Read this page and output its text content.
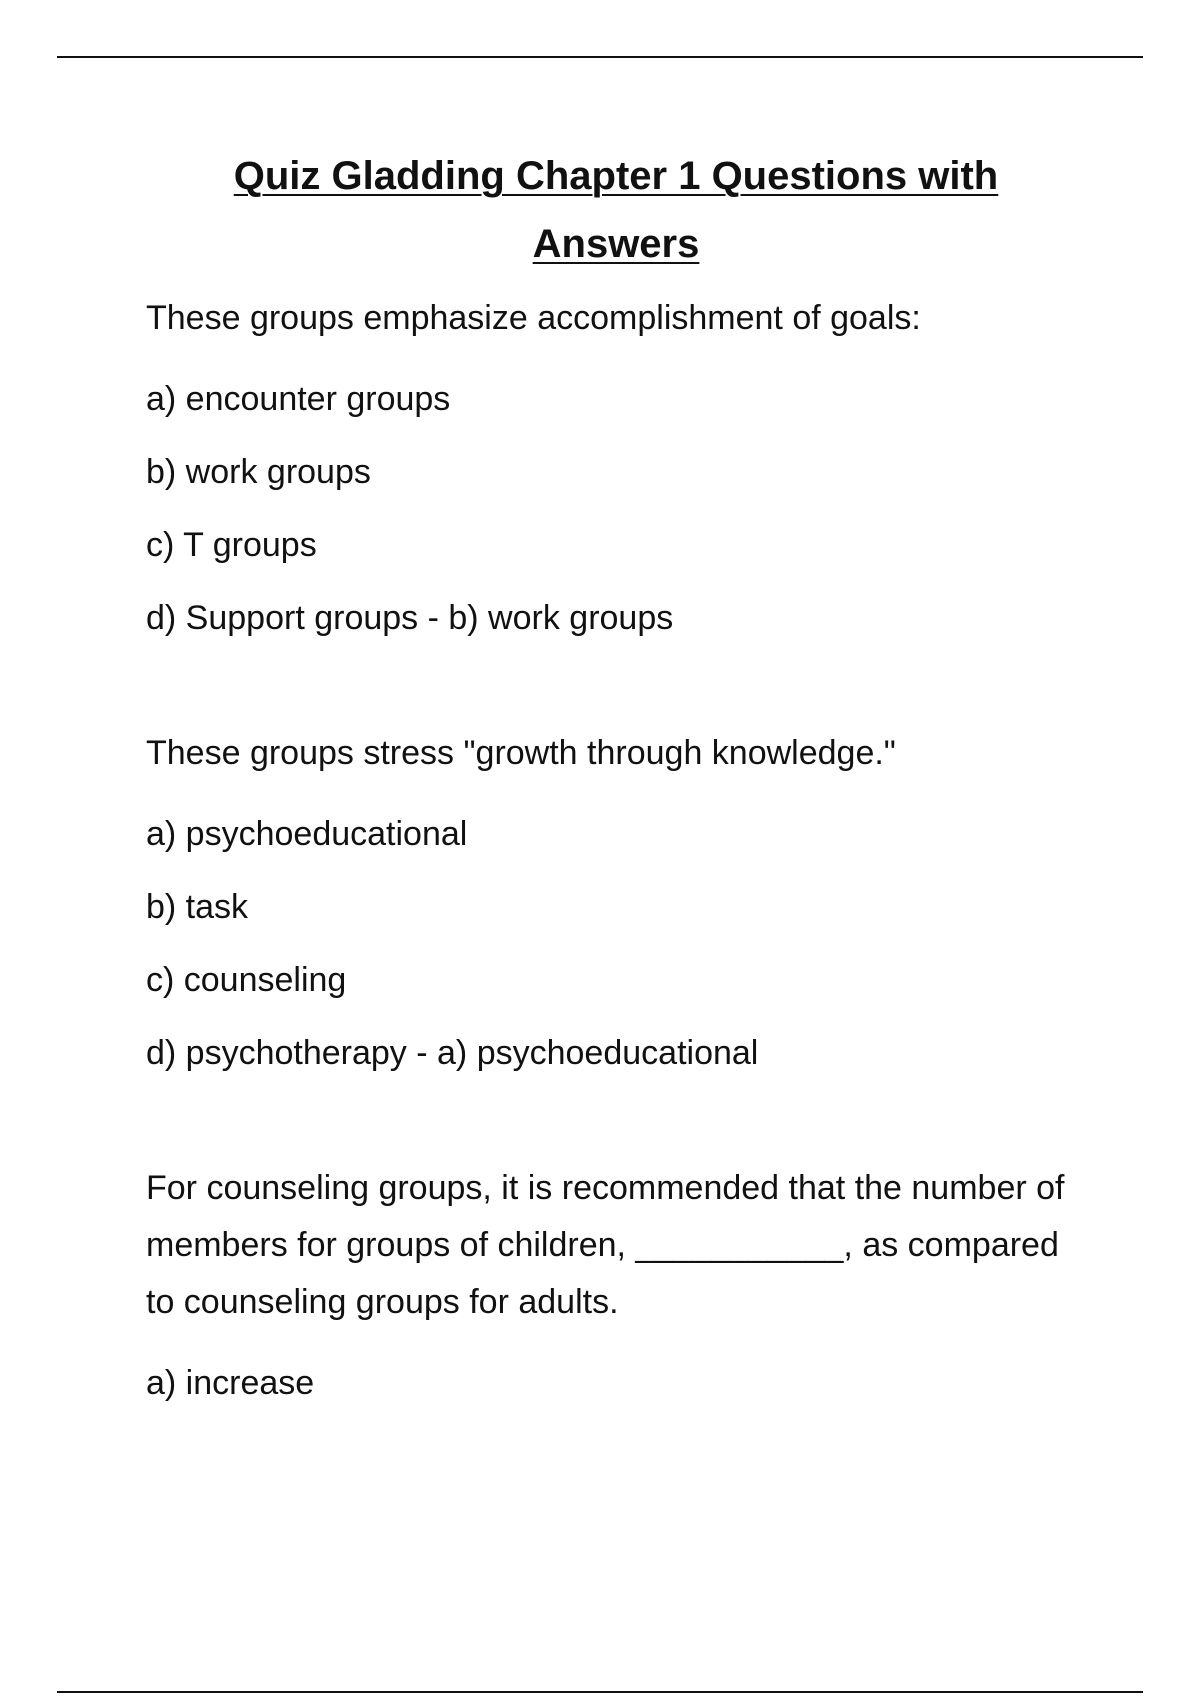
Quiz Gladding Chapter 1 Questions with Answers

These groups emphasize accomplishment of goals:

a) encounter groups

b) work groups

c) T groups

d) Support groups - b) work groups

These groups stress "growth through knowledge."

a) psychoeducational

b) task

c) counseling

d) psychotherapy - a) psychoeducational

For counseling groups, it is recommended that the number of members for groups of children, ___________, as compared to counseling groups for adults.

a) increase
